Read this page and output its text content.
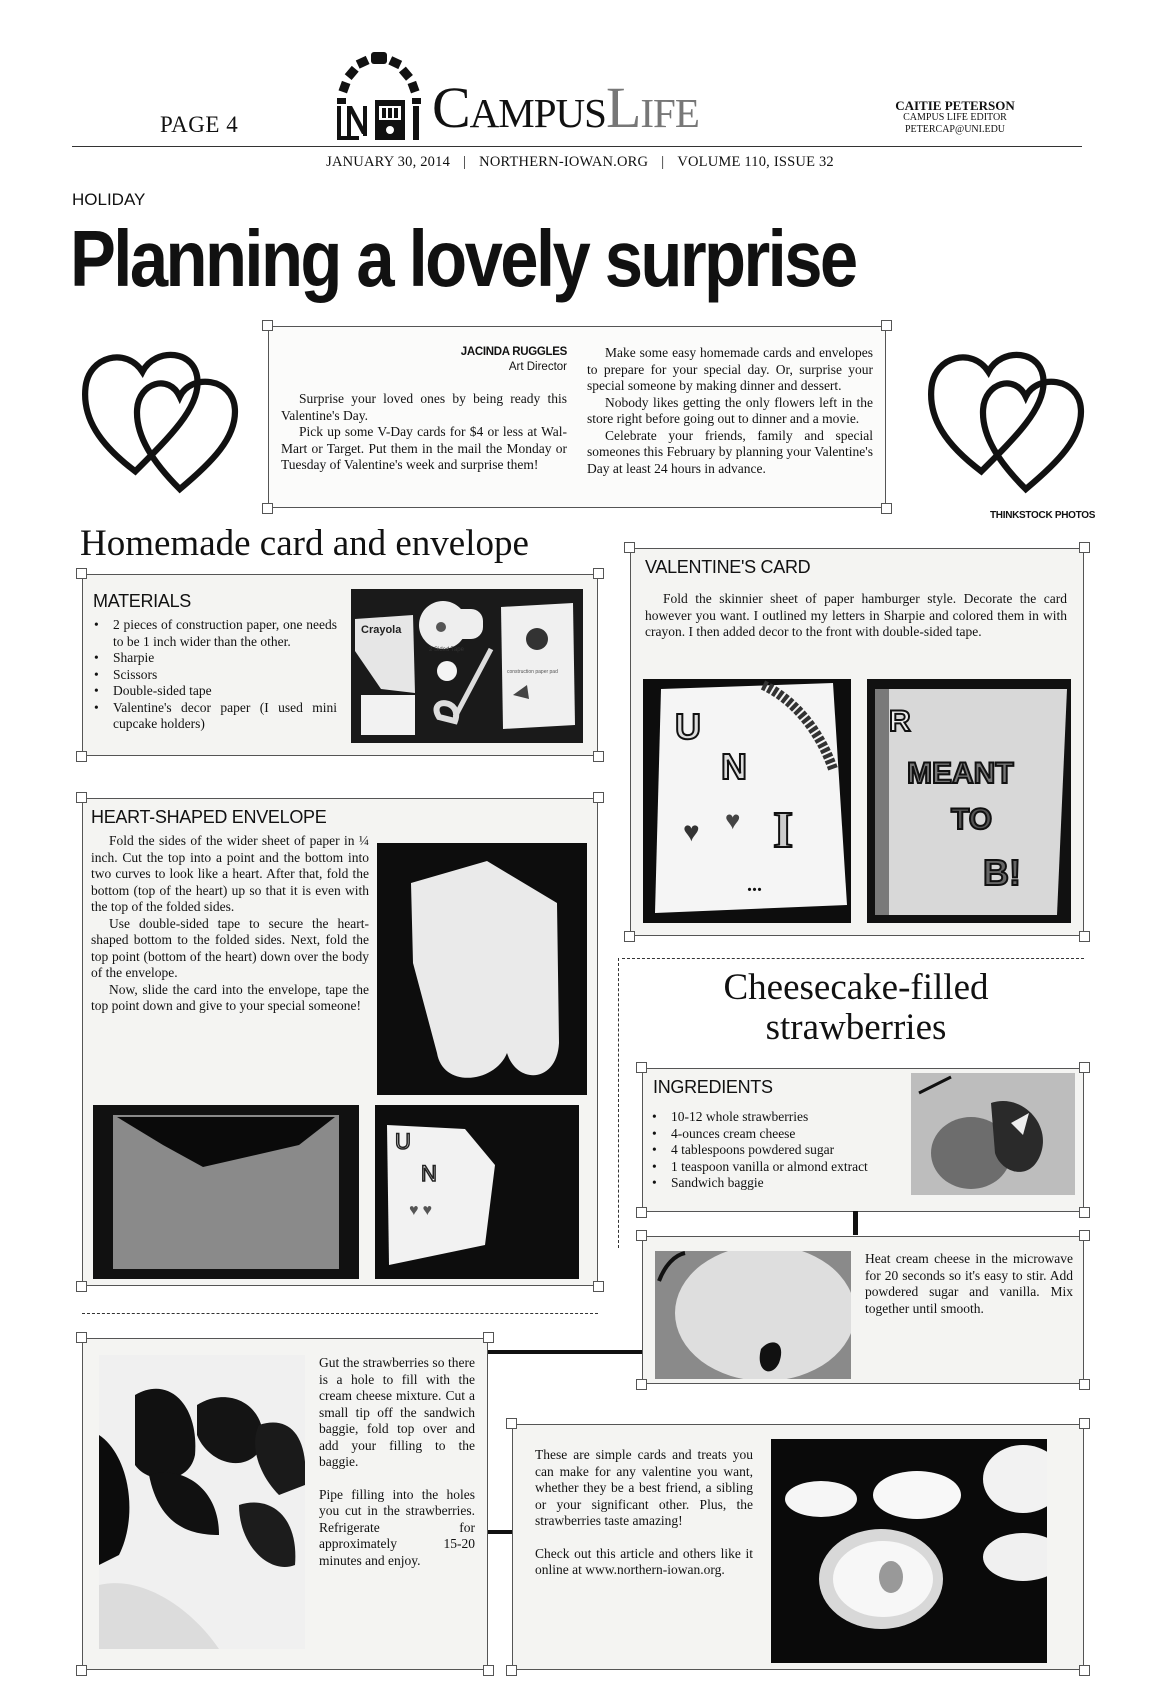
PAGE 4	CampusLife	CAITIE PETERSON
CAMPUS LIFE EDITOR
PETERCAP@UNI.EDU
JANUARY 30, 2014 | NORTHERN-IOWAN.ORG | VOLUME 110, ISSUE 32
HOLIDAY
Planning a lovely surprise
JACINDA RUGGLES
Art Director

Surprise your loved ones by being ready this Valentine's Day.

Pick up some V-Day cards for $4 or less at Wal-Mart or Target. Put them in the mail the Monday or Tuesday of Valentine's week and surprise them!

Make some easy homemade cards and envelopes to prepare for your special day. Or, surprise your special someone by making dinner and dessert.

Nobody likes getting the only flowers left in the store right before going out to dinner and a movie.

Celebrate your friends, family and special someones this February by planning your Valentine's Day at least 24 hours in advance.

THINKSTOCK PHOTOS
Homemade card and envelope
MATERIALS
• 2 pieces of construction paper, one needs to be 1 inch wider than the other.
• Sharpie
• Scissors
• Double-sided tape
• Valentine's decor paper (I used mini cupcake holders)
Crayola
2 Sided Tape
construction paper pad
HEART-SHAPED ENVELOPE

Fold the sides of the wider sheet of paper in ¼ inch. Cut the top into a point and the bottom into two curves to look like a heart. After that, fold the bottom (top of the heart) up so that it is even with the top of the folded sides.

Use double-sided tape to secure the heart-shaped bottom to the folded sides. Next, fold the top point (bottom of the heart) down over the body of the envelope.

Now, slide the card into the envelope, tape the top point down and give to your special someone!

U
N
♥ ♥
VALENTINE'S CARD

Fold the skinnier sheet of paper hamburger style. Decorate the card however you want. I outlined my letters in Sharpie and colored them in with crayon. I then added decor to the front with double-sided tape.

U
N
I
♥ ♥
...
R
MEANT
TO
B!
Cheesecake-filled
strawberries
INGREDIENTS
• 10-12 whole strawberries
• 4-ounces cream cheese
• 4 tablespoons powdered sugar
• 1 teaspoon vanilla or almond extract
• Sandwich baggie

Heat cream cheese in the microwave for 20 seconds so it's easy to stir. Add powdered sugar and vanilla. Mix together until smooth.

Gut the strawberries so there is a hole to fill with the cream cheese mixture. Cut a small tip off the sandwich baggie, fold top over and add your filling to the baggie.

Pipe filling into the holes you cut in the strawberries. Refrigerate for approximately 15-20 minutes and enjoy.

These are simple cards and treats you can make for any valentine you want, whether they be a best friend, a sibling or your significant other. Plus, the strawberries taste amazing!

Check out this article and others like it online at www.northern-iowan.org.
